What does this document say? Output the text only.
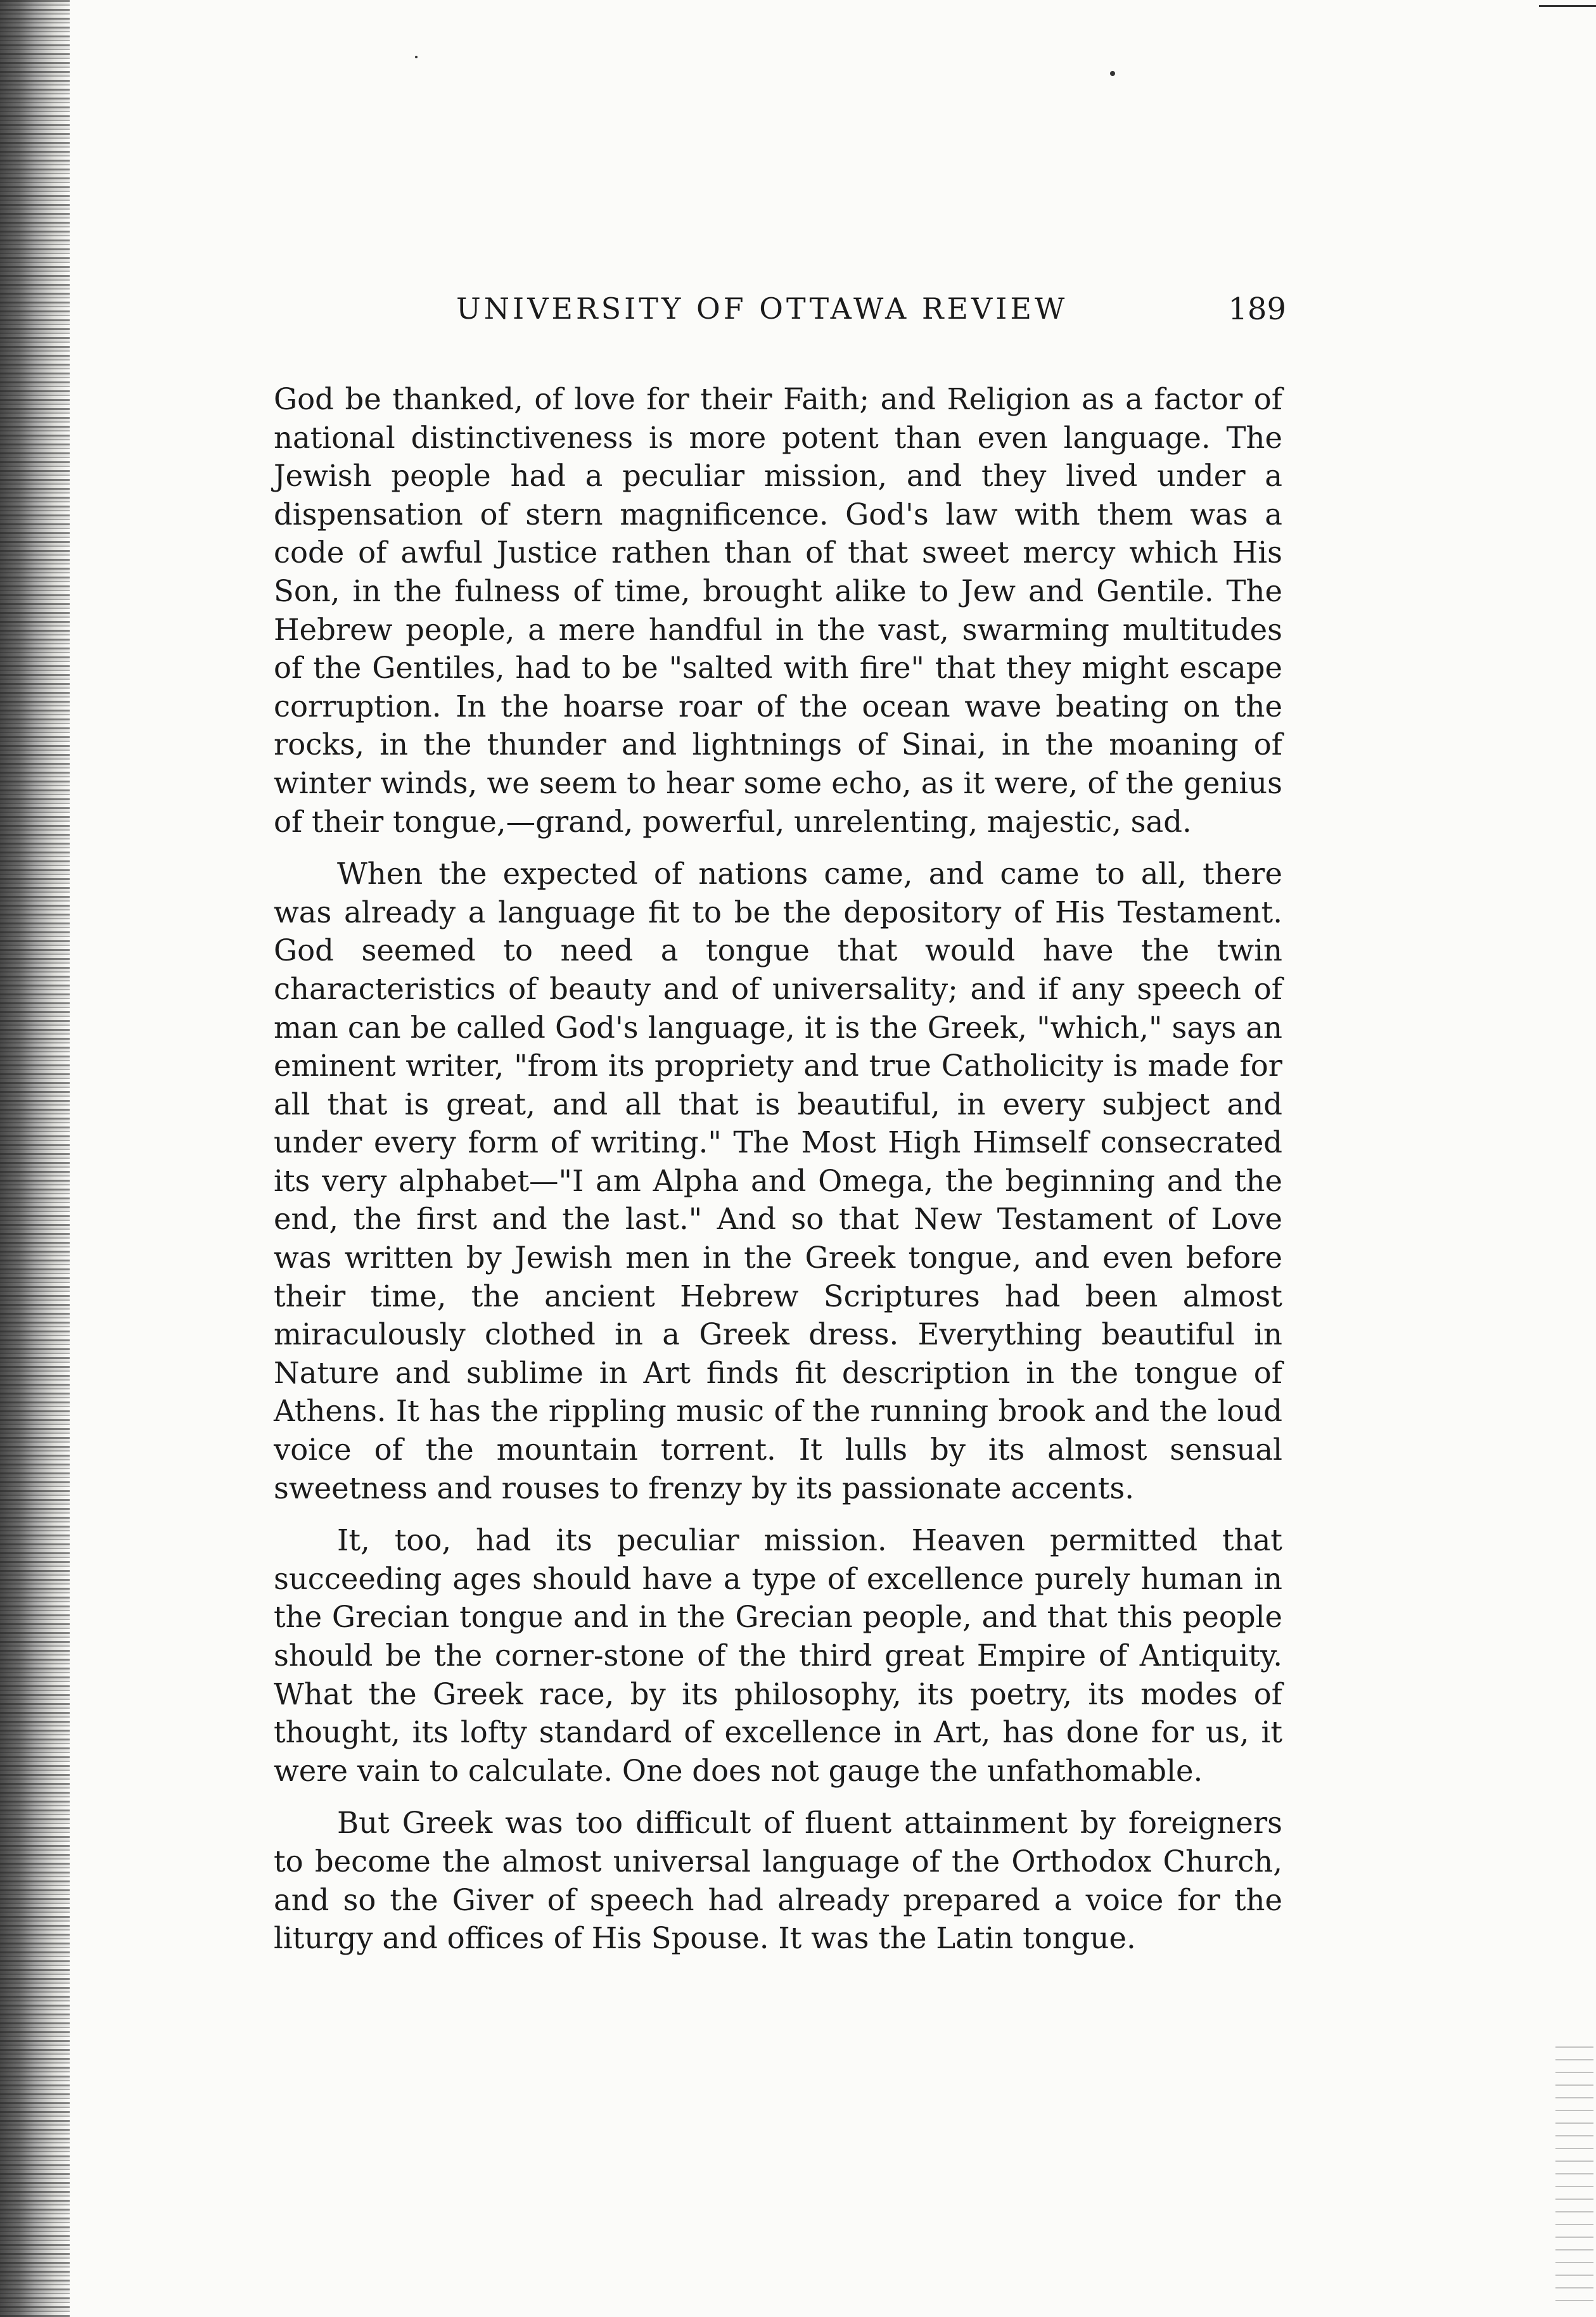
UNIVERSITY OF OTTAWA REVIEW	189

God be thanked, of love for their Faith; and Religion as a factor of national distinctiveness is more potent than even language. The Jewish people had a peculiar mission, and they lived under a dispensation of stern magnificence. God's law with them was a code of awful Justice rathen than of that sweet mercy which His Son, in the fulness of time, brought alike to Jew and Gentile. The Hebrew people, a mere handful in the vast, swarming multitudes of the Gentiles, had to be "salted with fire" that they might escape corruption. In the hoarse roar of the ocean wave beating on the rocks, in the thunder and lightnings of Sinai, in the moaning of winter winds, we seem to hear some echo, as it were, of the genius of their tongue,—grand, powerful, unrelenting, majestic, sad.

When the expected of nations came, and came to all, there was already a language fit to be the depository of His Testament. God seemed to need a tongue that would have the twin characteristics of beauty and of universality; and if any speech of man can be called God's language, it is the Greek, "which," says an eminent writer, "from its propriety and true Catholicity is made for all that is great, and all that is beautiful, in every subject and under every form of writing." The Most High Himself consecrated its very alphabet—"I am Alpha and Omega, the beginning and the end, the first and the last." And so that New Testament of Love was written by Jewish men in the Greek tongue, and even before their time, the ancient Hebrew Scriptures had been almost miraculously clothed in a Greek dress. Everything beautiful in Nature and sublime in Art finds fit description in the tongue of Athens. It has the rippling music of the running brook and the loud voice of the mountain torrent. It lulls by its almost sensual sweetness and rouses to frenzy by its passionate accents.

It, too, had its peculiar mission. Heaven permitted that succeeding ages should have a type of excellence purely human in the Grecian tongue and in the Grecian people, and that this people should be the corner-stone of the third great Empire of Antiquity. What the Greek race, by its philosophy, its poetry, its modes of thought, its lofty standard of excellence in Art, has done for us, it were vain to calculate. One does not gauge the unfathomable.

But Greek was too difficult of fluent attainment by foreigners to become the almost universal language of the Orthodox Church, and so the Giver of speech had already prepared a voice for the liturgy and offices of His Spouse. It was the Latin tongue.
